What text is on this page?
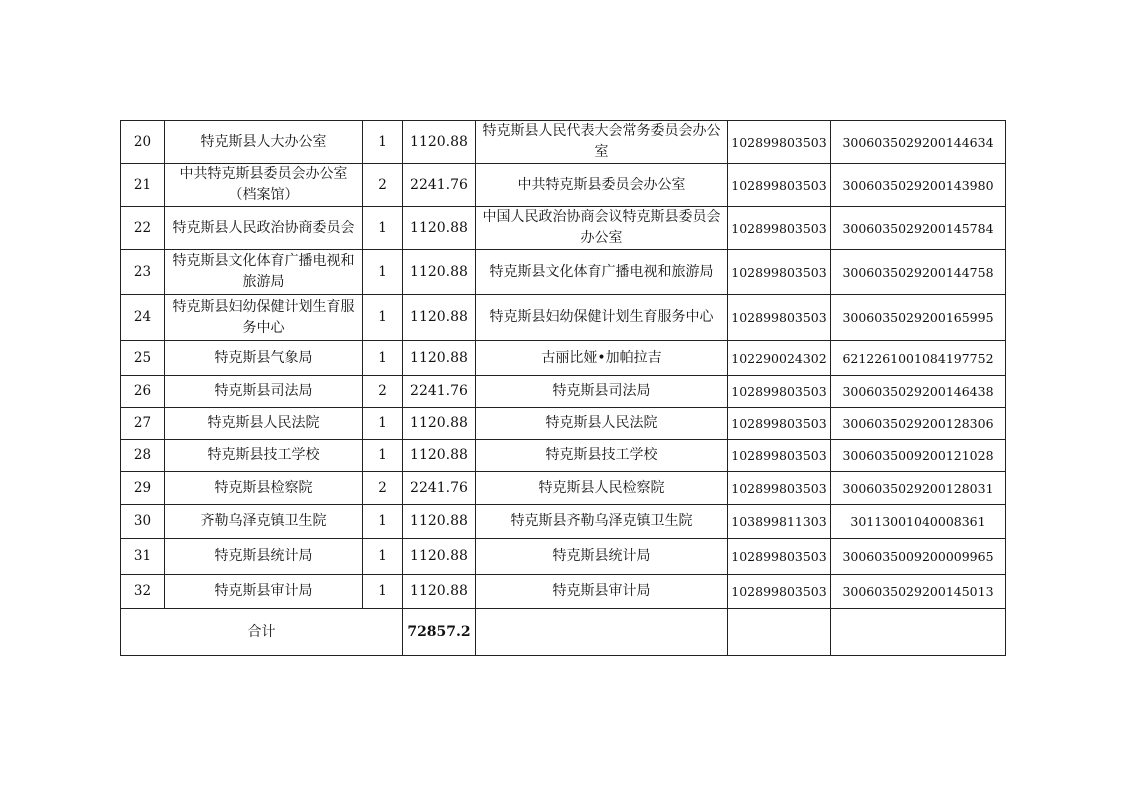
20	特克斯县人大办公室	1	1120.88	特克斯县人民代表大会常务委员会办公室	102899803503	3006035029200144634
21	中共特克斯县委员会办公室（档案馆）	2	2241.76	中共特克斯县委员会办公室	102899803503	3006035029200143980
22	特克斯县人民政治协商委员会	1	1120.88	中国人民政治协商会议特克斯县委员会办公室	102899803503	3006035029200145784
23	特克斯县文化体育广播电视和旅游局	1	1120.88	特克斯县文化体育广播电视和旅游局	102899803503	3006035029200144758
24	特克斯县妇幼保健计划生育服务中心	1	1120.88	特克斯县妇幼保健计划生育服务中心	102899803503	3006035029200165995
25	特克斯县气象局	1	1120.88	古丽比娅•加帕拉吉	102290024302	6212261001084197752
26	特克斯县司法局	2	2241.76	特克斯县司法局	102899803503	3006035029200146438
27	特克斯县人民法院	1	1120.88	特克斯县人民法院	102899803503	3006035029200128306
28	特克斯县技工学校	1	1120.88	特克斯县技工学校	102899803503	3006035009200121028
29	特克斯县检察院	2	2241.76	特克斯县人民检察院	102899803503	3006035029200128031
30	齐勒乌泽克镇卫生院	1	1120.88	特克斯县齐勒乌泽克镇卫生院	103899811303	30113001040008361
31	特克斯县统计局	1	1120.88	特克斯县统计局	102899803503	3006035009200009965
32	特克斯县审计局	1	1120.88	特克斯县审计局	102899803503	3006035029200145013
合计			72857.2			
